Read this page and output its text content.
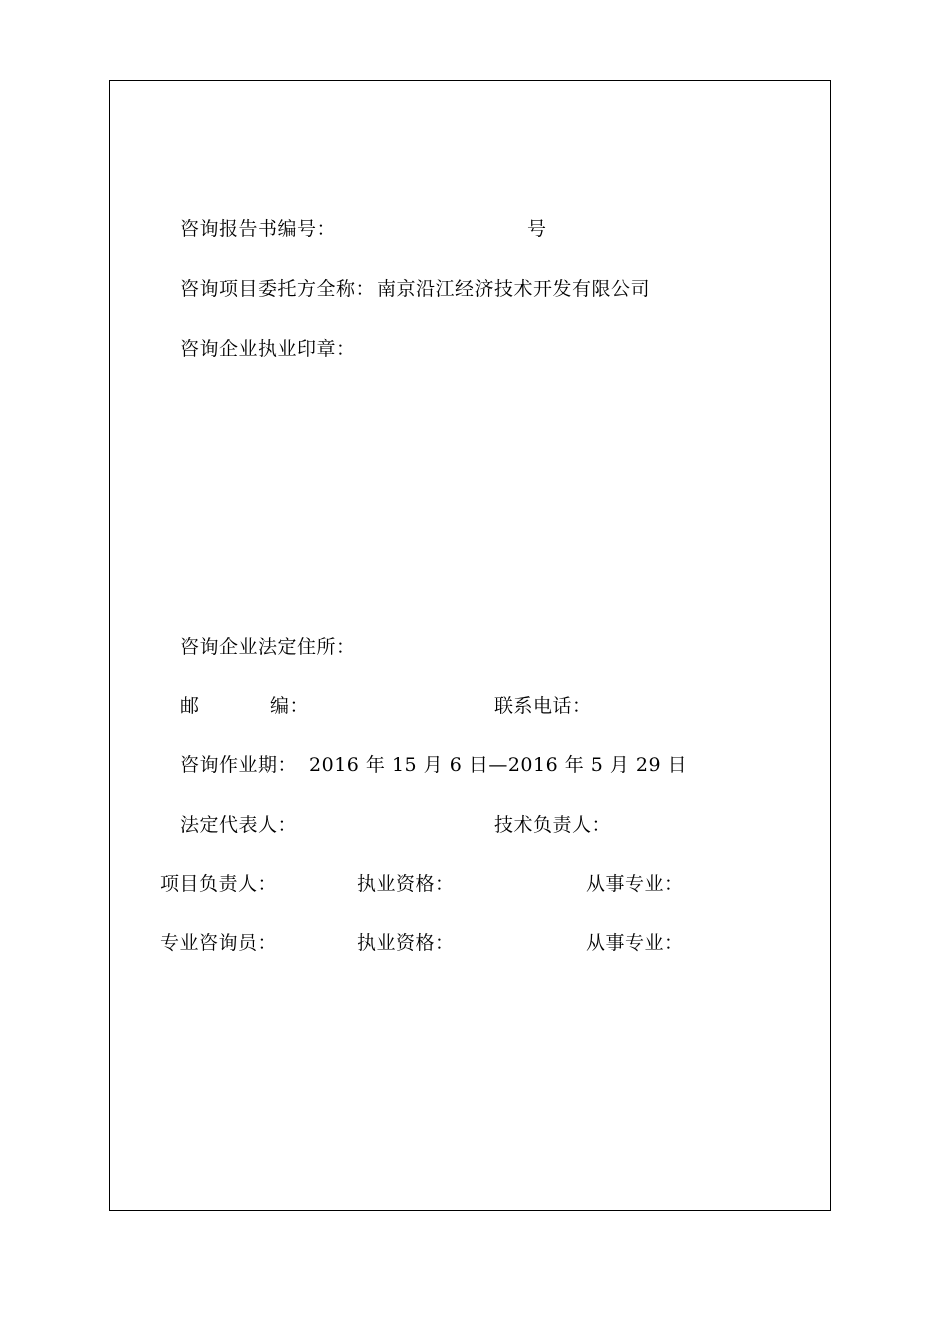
咨询报告书编号：	号
咨询项目委托方全称： 南京沿江经济技术开发有限公司
咨询企业执业印章：
咨询企业法定住所：
邮	编：	联系电话：
咨询作业期： 2016 年 15 月 6 日—2016 年 5 月 29 日
法定代表人：	技术负责人：
项目负责人：	执业资格：	从事专业：
专业咨询员：	执业资格：	从事专业：
